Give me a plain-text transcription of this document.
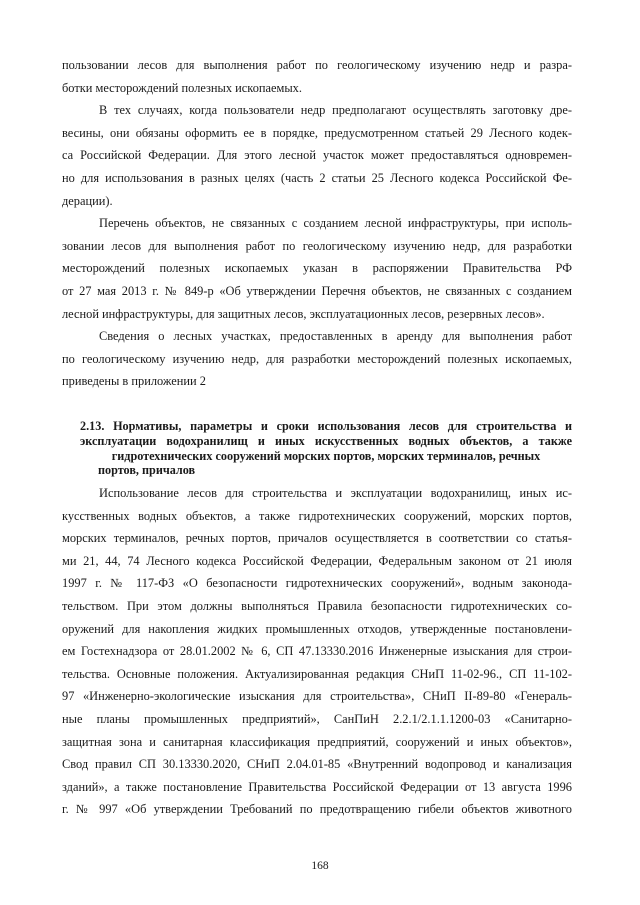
пользовании лесов для выполнения работ по геологическому изучению недр и разра-

ботки месторождений полезных ископаемых.

В тех случаях, когда пользователи недр предполагают осуществлять заготовку дре-

весины, они обязаны оформить ее в порядке, предусмотренном статьей 29 Лесного кодек-

са Российской Федерации. Для этого лесной участок может предоставляться одновремен-

но для использования в разных целях (часть 2 статьи 25 Лесного кодекса Российской Фе-

дерации).

Перечень объектов, не связанных с созданием лесной инфраструктуры, при исполь-

зовании лесов для выполнения работ по геологическому изучению недр, для разработки

месторождений полезных ископаемых указан в распоряжении Правительства РФ

от 27 мая 2013 г. № 849-р «Об утверждении Перечня объектов, не связанных с созданием

лесной инфраструктуры, для защитных лесов, эксплуатационных лесов, резервных лесов».

Сведения о лесных участках, предоставленных в аренду для выполнения работ

по геологическому изучению недр, для разработки месторождений полезных ископаемых,

приведены в приложении 2

2.13. Нормативы, параметры и сроки использования лесов для строительства и
эксплуатации водохранилищ и иных искусственных водных объектов, а также
гидротехнических сооружений морских портов, морских терминалов, речных
портов, причалов

Использование лесов для строительства и эксплуатации водохранилищ, иных ис-

кусственных водных объектов, а также гидротехнических сооружений, морских портов,

морских терминалов, речных портов, причалов осуществляется в соответствии со статья-

ми 21, 44, 74 Лесного кодекса Российской Федерации, Федеральным законом от 21 июля

1997 г. № 117-ФЗ «О безопасности гидротехнических сооружений», водным законода-

тельством. При этом должны выполняться Правила безопасности гидротехнических со-

оружений для накопления жидких промышленных отходов, утвержденные постановлени-

ем Гостехнадзора от 28.01.2002 № 6, СП 47.13330.2016 Инженерные изыскания для строи-

тельства. Основные положения. Актуализированная редакция СНиП 11-02-96., СП 11-102-

97 «Инженерно-экологические изыскания для строительства», СНиП II-89-80 «Генераль-

ные планы промышленных предприятий», СанПиН 2.2.1/2.1.1.1200-03 «Санитарно-

защитная зона и санитарная классификация предприятий, сооружений и иных объектов»,

Свод правил СП 30.13330.2020, СНиП 2.04.01-85 «Внутренний водопровод и канализация

зданий», а также постановление Правительства Российской Федерации от 13 августа 1996

г. № 997 «Об утверждении Требований по предотвращению гибели объектов животного

168
